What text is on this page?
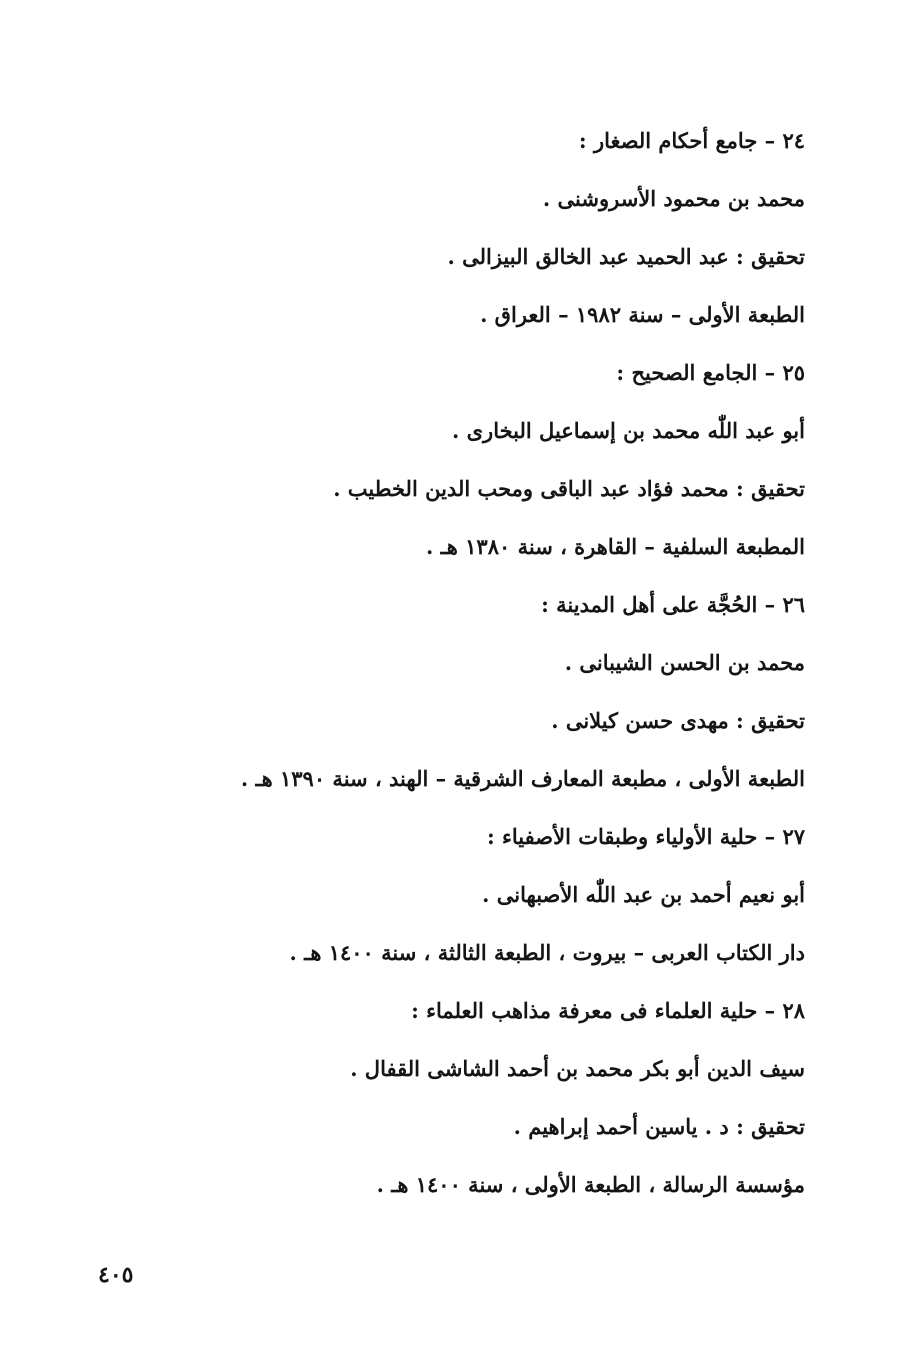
٢٤ – جامع أحكام الصغار :
محمد بن محمود الأسروشنى .
تحقيق : عبد الحميد عبد الخالق البيزالى .
الطبعة الأولى – سنة ١٩٨٢ – العراق .
٢٥ – الجامع الصحيح :
أبو عبد اللّٰه محمد بن إسماعيل البخارى .
تحقيق : محمد فؤاد عبد الباقى ومحب الدين الخطيب .
المطبعة السلفية – القاهرة ، سنة ١٣٨٠ هـ .
٢٦ – الحُجَّة على أهل المدينة :
محمد بن الحسن الشيبانى .
تحقيق : مهدى حسن كيلانى .
الطبعة الأولى ، مطبعة المعارف الشرقية – الهند ، سنة ١٣٩٠ هـ .
٢٧ – حلية الأولياء وطبقات الأصفياء :
أبو نعيم أحمد بن عبد اللّٰه الأصبهانى .
دار الكتاب العربى – بيروت ، الطبعة الثالثة ، سنة ١٤٠٠ هـ .
٢٨ – حلية العلماء فى معرفة مذاهب العلماء :
سيف الدين أبو بكر محمد بن أحمد الشاشى القفال .
تحقيق : د . ياسين أحمد إبراهيم .
مؤسسة الرسالة ، الطبعة الأولى ، سنة ١٤٠٠ هـ .
٤٠٥
